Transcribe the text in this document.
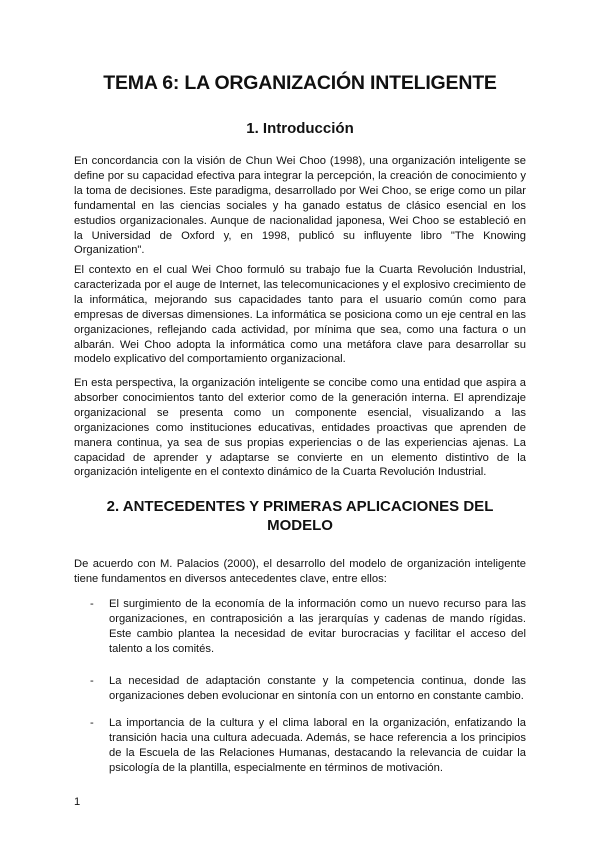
TEMA 6: LA ORGANIZACIÓN INTELIGENTE
1. Introducción

En concordancia con la visión de Chun Wei Choo (1998), una organización inteligente se define por su capacidad efectiva para integrar la percepción, la creación de conocimiento y la toma de decisiones. Este paradigma, desarrollado por Wei Choo, se erige como un pilar fundamental en las ciencias sociales y ha ganado estatus de clásico esencial en los estudios organizacionales. Aunque de nacionalidad japonesa, Wei Choo se estableció en la Universidad de Oxford y, en 1998, publicó su influyente libro "The Knowing Organization".

El contexto en el cual Wei Choo formuló su trabajo fue la Cuarta Revolución Industrial, caracterizada por el auge de Internet, las telecomunicaciones y el explosivo crecimiento de la informática, mejorando sus capacidades tanto para el usuario común como para empresas de diversas dimensiones. La informática se posiciona como un eje central en las organizaciones, reflejando cada actividad, por mínima que sea, como una factura o un albarán. Wei Choo adopta la informática como una metáfora clave para desarrollar su modelo explicativo del comportamiento organizacional.

En esta perspectiva, la organización inteligente se concibe como una entidad que aspira a absorber conocimientos tanto del exterior como de la generación interna. El aprendizaje organizacional se presenta como un componente esencial, visualizando a las organizaciones como instituciones educativas, entidades proactivas que aprenden de manera continua, ya sea de sus propias experiencias o de las experiencias ajenas. La capacidad de aprender y adaptarse se convierte en un elemento distintivo de la organización inteligente en el contexto dinámico de la Cuarta Revolución Industrial.

2. ANTECEDENTES Y PRIMERAS APLICACIONES DEL MODELO

De acuerdo con M. Palacios (2000), el desarrollo del modelo de organización inteligente tiene fundamentos en diversos antecedentes clave, entre ellos:

- El surgimiento de la economía de la información como un nuevo recurso para las organizaciones, en contraposición a las jerarquías y cadenas de mando rígidas. Este cambio plantea la necesidad de evitar burocracias y facilitar el acceso del talento a los comités.

- La necesidad de adaptación constante y la competencia continua, donde las organizaciones deben evolucionar en sintonía con un entorno en constante cambio.

- La importancia de la cultura y el clima laboral en la organización, enfatizando la transición hacia una cultura adecuada. Además, se hace referencia a los principios de la Escuela de las Relaciones Humanas, destacando la relevancia de cuidar la psicología de la plantilla, especialmente en términos de motivación.

1
